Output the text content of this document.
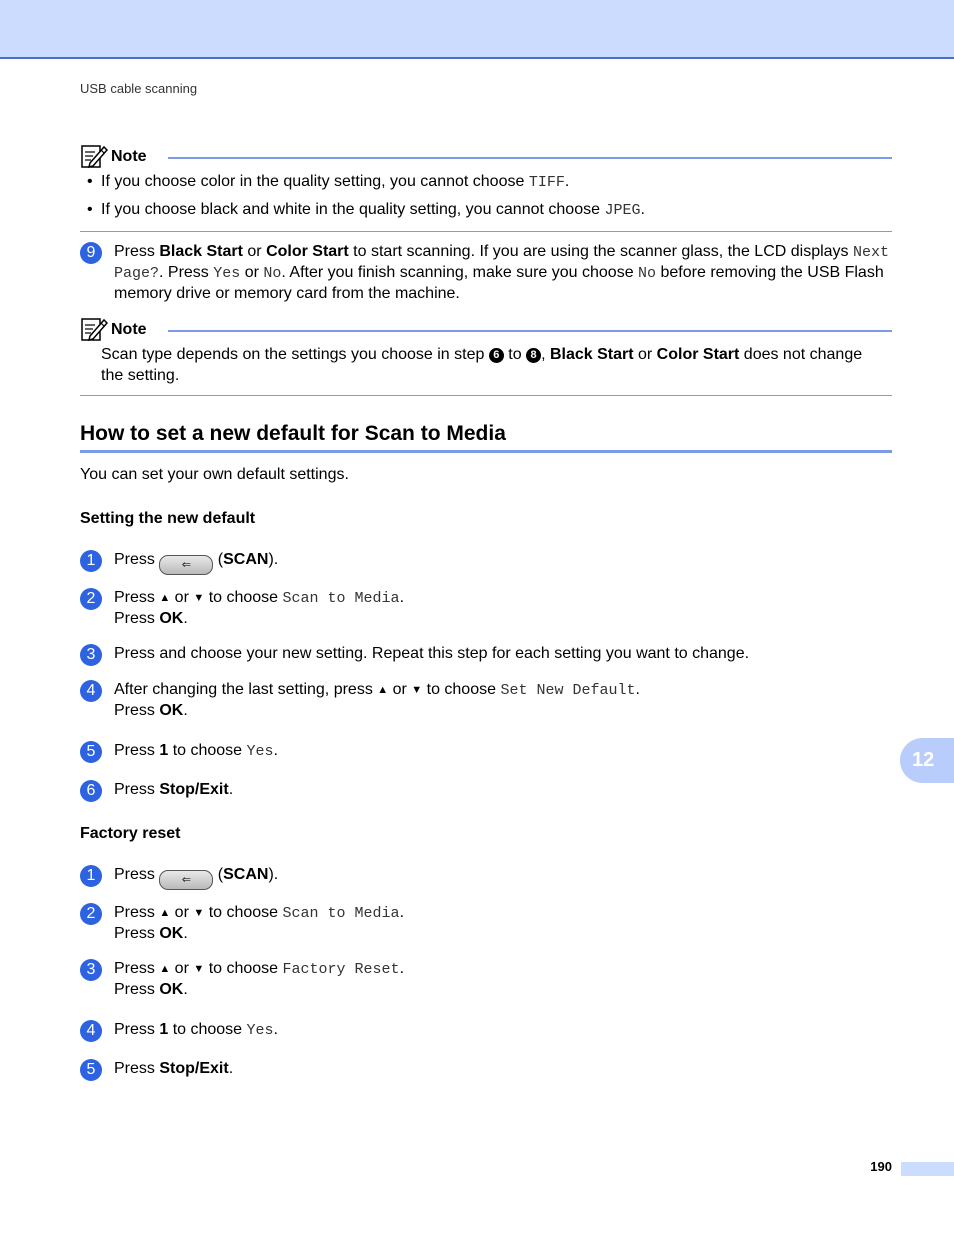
USB cable scanning
Note
• If you choose color in the quality setting, you cannot choose TIFF.
• If you choose black and white in the quality setting, you cannot choose JPEG.
9	Press Black Start or Color Start to start scanning. If you are using the scanner glass, the LCD displays Next Page?. Press Yes or No. After you finish scanning, make sure you choose No before removing the USB Flash memory drive or memory card from the machine.
Note
Scan type depends on the settings you choose in step 6 to 8 , Black Start or Color Start does not change the setting.
How to set a new default for Scan to Media
You can set your own default settings.
Setting the new default
1	Press ⇐ (SCAN).
2	Press ▲ or ▼ to choose Scan to Media.
Press OK.
3	Press and choose your new setting. Repeat this step for each setting you want to change.
4	After changing the last setting, press ▲ or ▼ to choose Set New Default.
Press OK.
5	Press 1 to choose Yes.
6	Press Stop/Exit.
Factory reset
1	Press ⇐ (SCAN).
2	Press ▲ or ▼ to choose Scan to Media.
Press OK.
3	Press ▲ or ▼ to choose Factory Reset.
Press OK.
4	Press 1 to choose Yes.
5	Press Stop/Exit.
12
190
